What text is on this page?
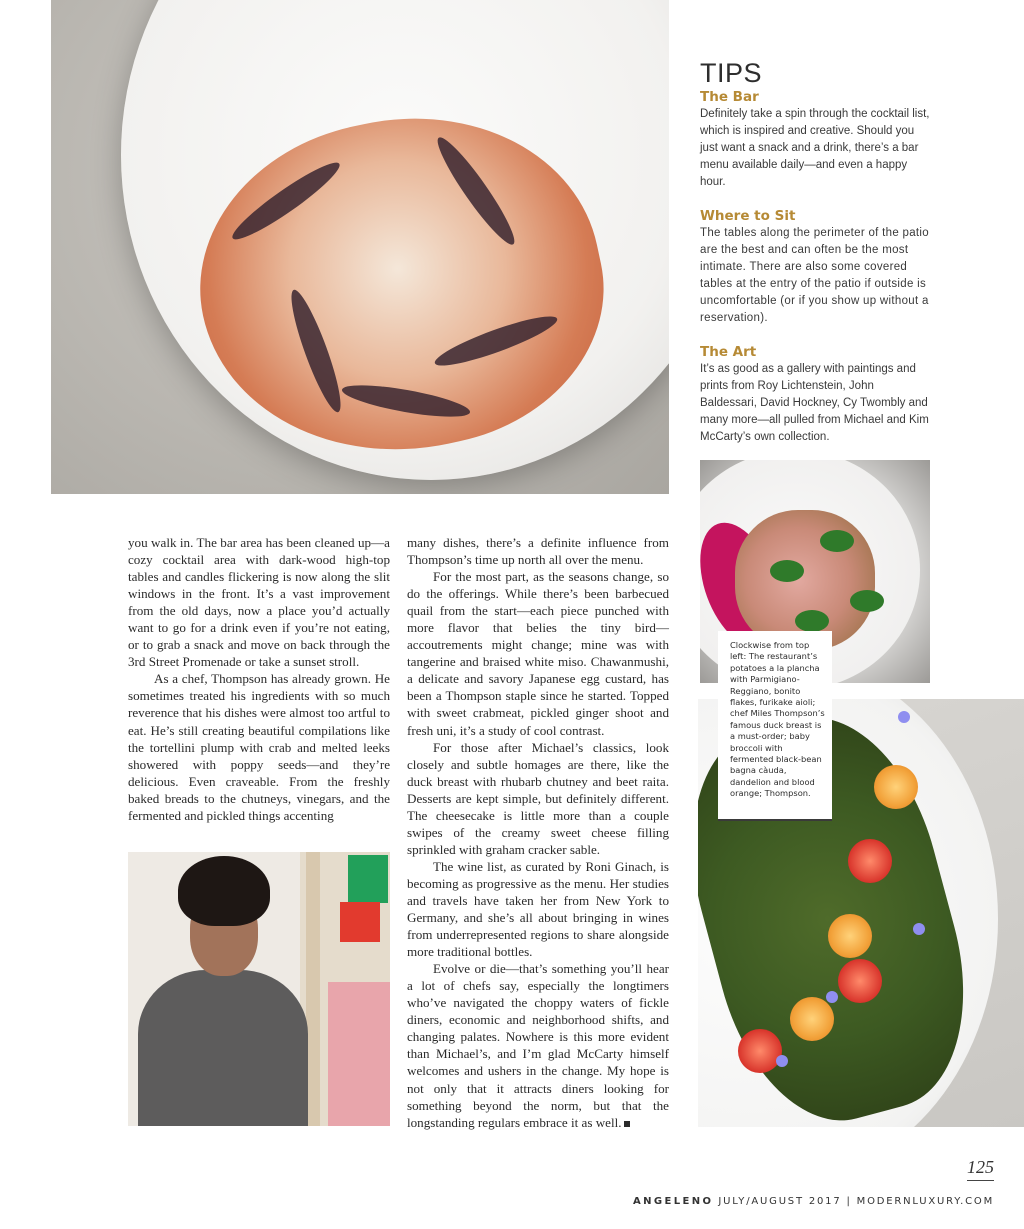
TIPS
The Bar
Definitely take a spin through the cocktail list, which is inspired and creative. Should you just want a snack and a drink, there’s a bar menu available daily—and even a happy hour.
Where to Sit
The tables along the perimeter of the patio are the best and can often be the most intimate. There are also some covered tables at the entry of the patio if outside is uncomfortable (or if you show up without a reservation).
The Art
It’s as good as a gallery with paintings and prints from Roy Lichtenstein, John Baldessari, David Hockney, Cy Twombly and many more—all pulled from Michael and Kim McCarty’s own collection.
Clockwise from top left: The restaurant’s potatoes a la plancha with Parmigiano-Reggiano, bonito flakes, furikake aioli; chef Miles Thompson’s famous duck breast is a must-order; baby broccoli with fermented black-bean bagna càuda, dandelion and blood orange; Thompson.

you walk in. The bar area has been cleaned up—a cozy cocktail area with dark-wood high-top tables and candles flickering is now along the slit windows in the front. It’s a vast improvement from the old days, now a place you’d actually want to go for a drink even if you’re not eating, or to grab a snack and move on back through the 3rd Street Promenade or take a sunset stroll.

As a chef, Thompson has already grown. He sometimes treated his ingredients with so much reverence that his dishes were almost too artful to eat. He’s still creating beautiful compilations like the tortellini plump with crab and melted leeks showered with poppy seeds—and they’re delicious. Even craveable. From the freshly baked breads to the chutneys, vinegars, and the fermented and pickled things accenting

many dishes, there’s a definite influence from Thompson’s time up north all over the menu.

For the most part, as the seasons change, so do the offerings. While there’s been barbecued quail from the start—each piece punched with more flavor that belies the tiny bird—accoutrements might change; mine was with tangerine and braised white miso. Chawanmushi, a delicate and savory Japanese egg custard, has been a Thompson staple since he started. Topped with sweet crabmeat, pickled ginger shoot and fresh uni, it’s a study of cool contrast.

For those after Michael’s classics, look closely and subtle homages are there, like the duck breast with rhubarb chutney and beet raita. Desserts are kept simple, but definitely different. The cheesecake is little more than a couple swipes of the creamy sweet cheese filling sprinkled with graham cracker sable.

The wine list, as curated by Roni Ginach, is becoming as progressive as the menu. Her studies and travels have taken her from New York to Germany, and she’s all about bringing in wines from underrepresented regions to share alongside more traditional bottles.

Evolve or die—that’s something you’ll hear a lot of chefs say, especially the longtimers who’ve navigated the choppy waters of fickle diners, economic and neighborhood shifts, and changing palates. Nowhere is this more evident than Michael’s, and I’m glad McCarty himself welcomes and ushers in the change. My hope is not only that it attracts diners looking for something beyond the norm, but that the longstanding regulars embrace it as well.

125
ANGELENO JULY/AUGUST 2017 | MODERNLUXURY.COM
